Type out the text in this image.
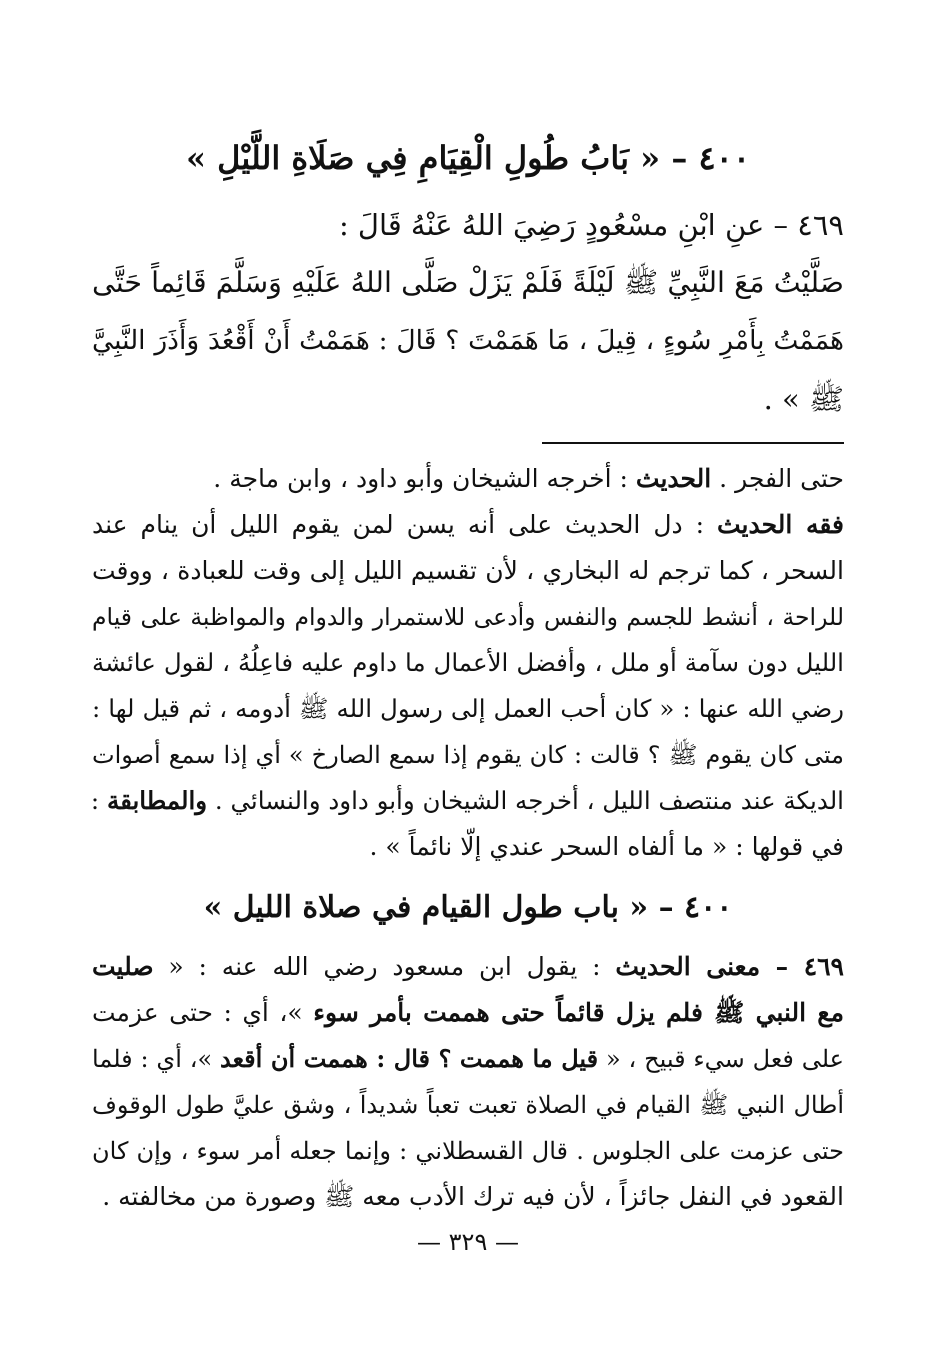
٤٠٠ – « بَابُ طُولِ الْقِيَامِ فِي صَلَاةِ اللَّيْلِ »
٤٦٩ – عنِ ابْنِ مسْعُودٍ رَضِيَ اللهُ عَنْهُ قَالَ :
صَلَّيْتُ مَعَ النَّبِيِّ ﷺ لَيْلَةً فَلَمْ يَزَلْ صَلَّى اللهُ عَلَيْهِ وَسَلَّمَ قَائِماً حَتَّى
هَمَمْتُ بِأَمْرِ سُوءٍ ، قِيلَ ، مَا هَمَمْتَ ؟ قَالَ : هَمَمْتُ أَنْ أَقْعُدَ وَأَذَرَ النَّبِيَّ
ﷺ » .
حتى الفجر . الحديث : أخرجه الشيخان وأبو داود ، وابن ماجة .
فقه الحديث : دل الحديث على أنه يسن لمن يقوم الليل أن ينام عند
السحر ، كما ترجم له البخاري ، لأن تقسيم الليل إلى وقت للعبادة ، ووقت
للراحة ، أنشط للجسم والنفس وأدعى للاستمرار والدوام والمواظبة على قيام
الليل دون سآمة أو ملل ، وأفضل الأعمال ما داوم عليه فاعِلُهُ ، لقول عائشة
رضي الله عنها : « كان أحب العمل إلى رسول الله ﷺ أدومه ، ثم قيل لها :
متى كان يقوم ﷺ ؟ قالت : كان يقوم إذا سمع الصارخ » أي إذا سمع أصوات
الديكة عند منتصف الليل ، أخرجه الشيخان وأبو داود والنسائي . والمطابقة :
في قولها : « ما ألفاه السحر عندي إلّا نائماً » .
٤٠٠ – « باب طول القيام في صلاة الليل »
٤٦٩ – معنى الحديث : يقول ابن مسعود رضي الله عنه : « صليت
مع النبي ﷺ فلم يزل قائماً حتى هممت بأمر سوء »، أي : حتى عزمت
على فعل سيء قبيح ، « قيل ما هممت ؟ قال : هممت أن أقعد »، أي : فلما
أطال النبي ﷺ القيام في الصلاة تعبت تعباً شديداً ، وشق عليَّ طول الوقوف
حتى عزمت على الجلوس . قال القسطلاني : وإنما جعله أمر سوء ، وإن كان
القعود في النفل جائزاً ، لأن فيه ترك الأدب معه ﷺ وصورة من مخالفته .
— ٣٢٩ —
